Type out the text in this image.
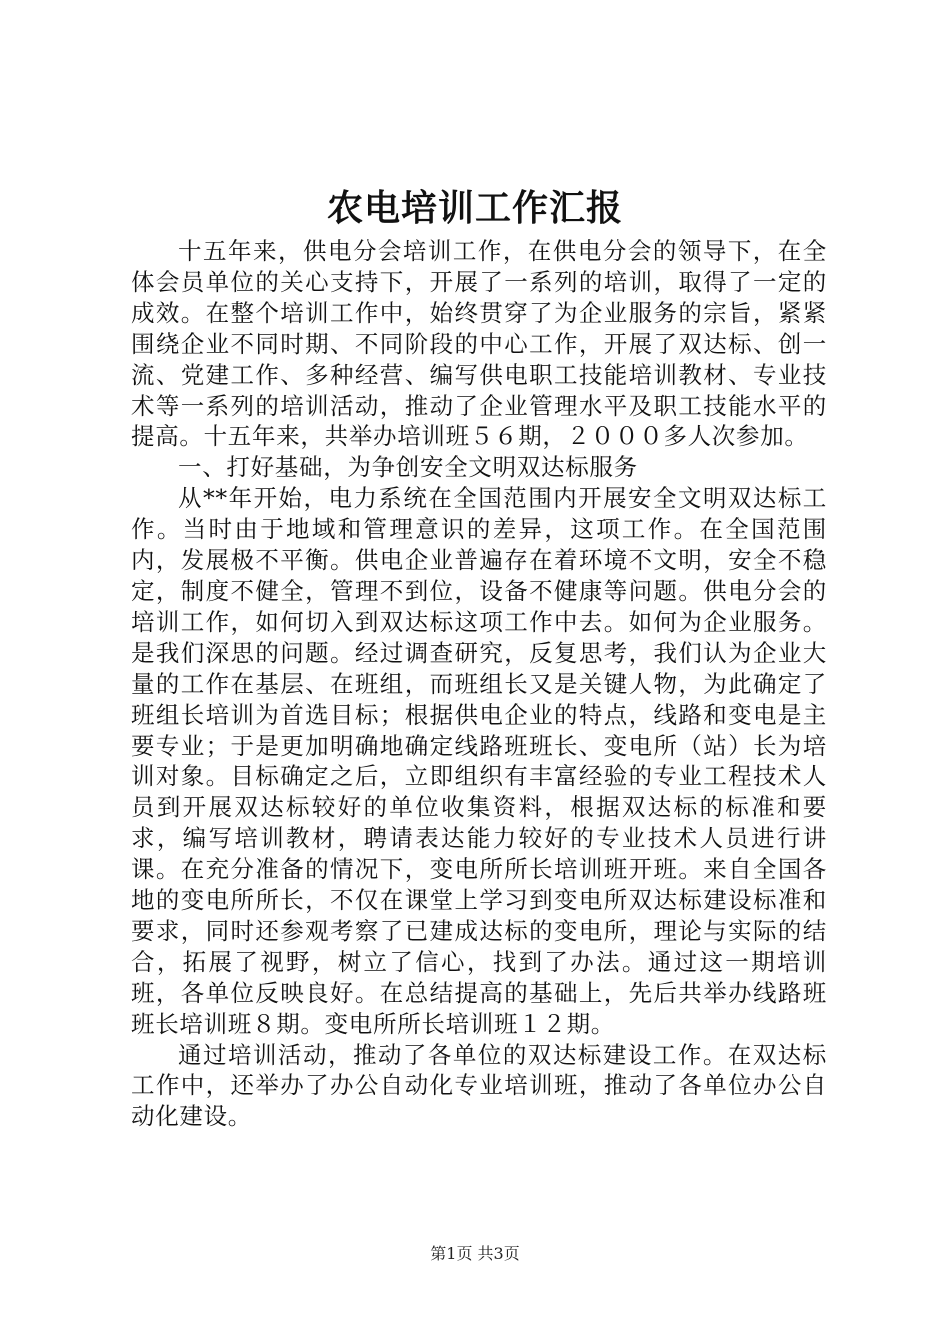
农电培训工作汇报

十五年来，供电分会培训工作，在供电分会的领导下，在全体会员单位的关心支持下，开展了一系列的培训，取得了一定的成效。在整个培训工作中，始终贯穿了为企业服务的宗旨，紧紧围绕企业不同时期、不同阶段的中心工作，开展了双达标、创一流、党建工作、多种经营、编写供电职工技能培训教材、专业技术等一系列的培训活动，推动了企业管理水平及职工技能水平的提高。十五年来，共举办培训班５６期，２０００多人次参加。

一、打好基础，为争创安全文明双达标服务

从**年开始，电力系统在全国范围内开展安全文明双达标工作。当时由于地域和管理意识的差异，这项工作。在全国范围内，发展极不平衡。供电企业普遍存在着环境不文明，安全不稳定，制度不健全，管理不到位，设备不健康等问题。供电分会的培训工作，如何切入到双达标这项工作中去。如何为企业服务。是我们深思的问题。经过调查研究，反复思考，我们认为企业大量的工作在基层、在班组，而班组长又是关键人物，为此确定了班组长培训为首选目标；根据供电企业的特点，线路和变电是主要专业；于是更加明确地确定线路班班长、变电所（站）长为培训对象。目标确定之后，立即组织有丰富经验的专业工程技术人员到开展双达标较好的单位收集资料，根据双达标的标准和要求，编写培训教材，聘请表达能力较好的专业技术人员进行讲课。在充分准备的情况下，变电所所长培训班开班。来自全国各地的变电所所长，不仅在课堂上学习到变电所双达标建设标准和要求，同时还参观考察了已建成达标的变电所，理论与实际的结合，拓展了视野，树立了信心，找到了办法。通过这一期培训班，各单位反映良好。在总结提高的基础上，先后共举办线路班班长培训班８期。变电所所长培训班１２期。

通过培训活动，推动了各单位的双达标建设工作。在双达标工作中，还举办了办公自动化专业培训班，推动了各单位办公自动化建设。

第1页 共3页
